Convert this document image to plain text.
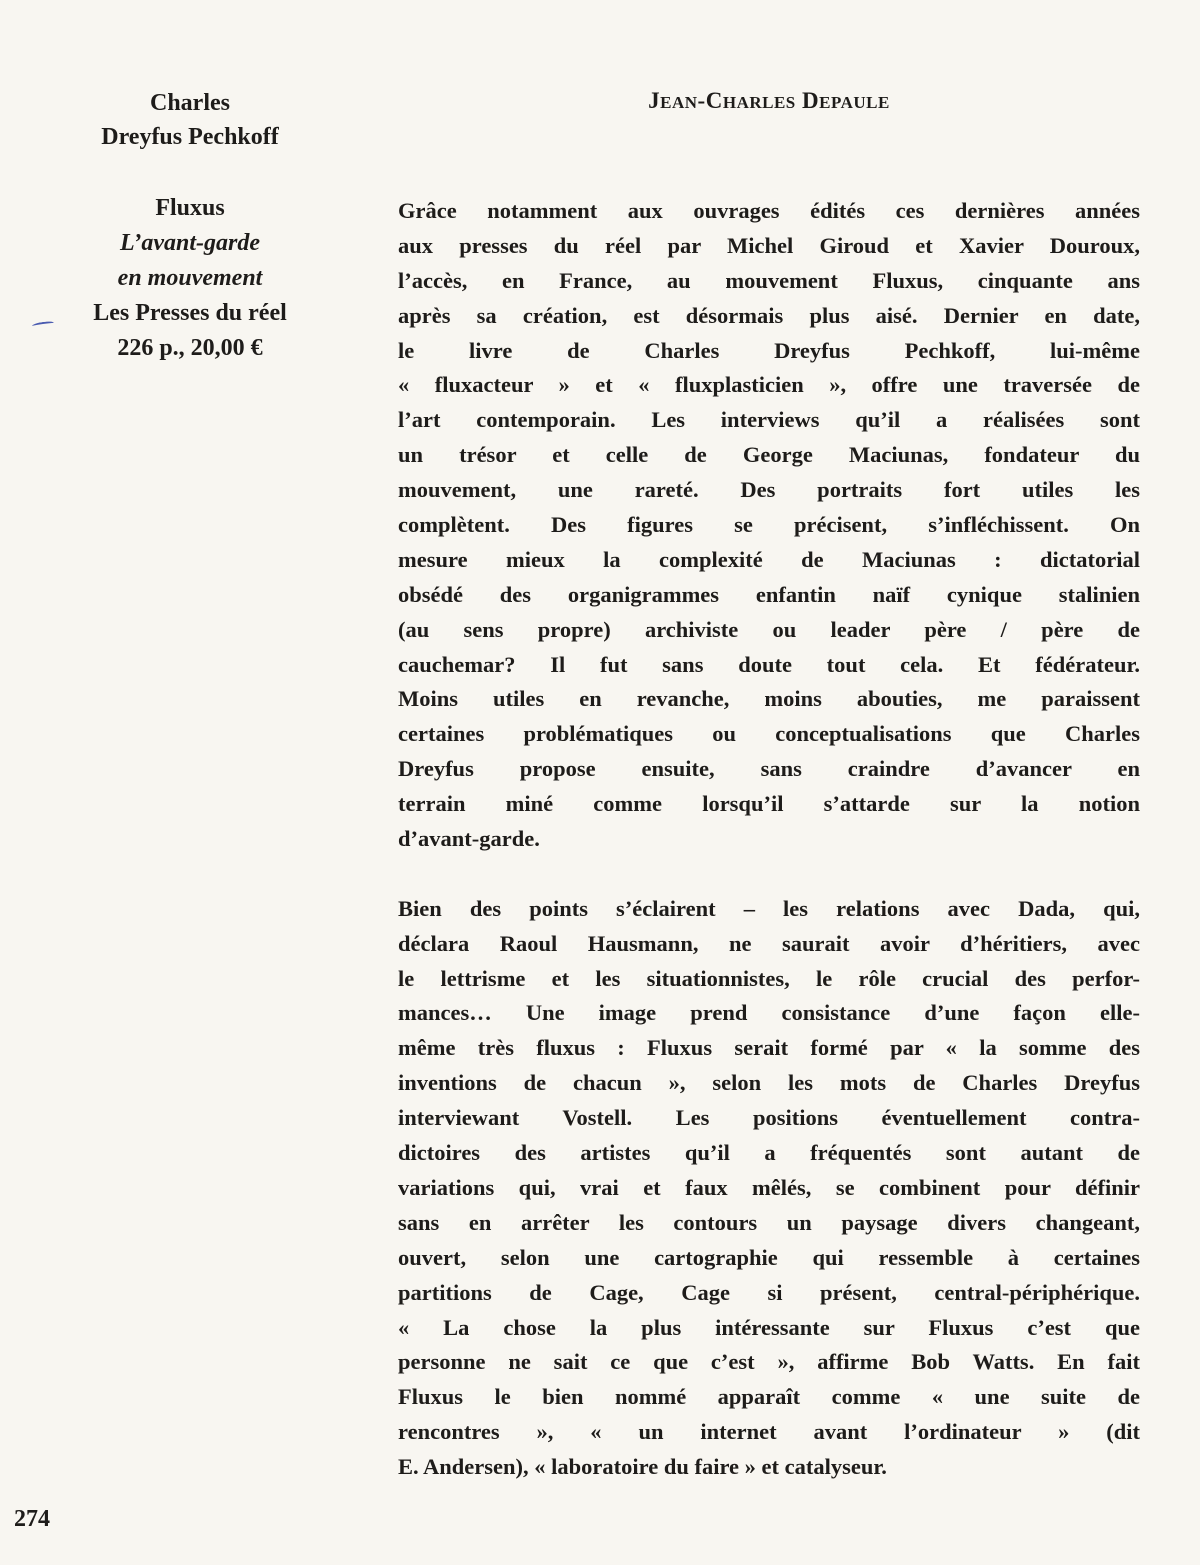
Charles
Dreyfus Pechkoff
Fluxus
L’avant-garde
en mouvement
Les Presses du réel
226 p., 20,00 €
JEAN-CHARLES DEPAULE
Grâce notamment aux ouvrages édités ces dernières années
aux presses du réel par Michel Giroud et Xavier Douroux,
l’accès, en France, au mouvement Fluxus, cinquante ans
après sa création, est désormais plus aisé. Dernier en date,
le livre de Charles Dreyfus Pechkoff, lui-même
« fluxacteur » et « fluxplasticien », offre une traversée de
l’art contemporain. Les interviews qu’il a réalisées sont
un trésor et celle de George Maciunas, fondateur du
mouvement, une rareté. Des portraits fort utiles les
complètent. Des figures se précisent, s’infléchissent. On
mesure mieux la complexité de Maciunas : dictatorial
obsédé des organigrammes enfantin naïf cynique stalinien
(au sens propre) archiviste ou leader père / père de
cauchemar? Il fut sans doute tout cela. Et fédérateur.
Moins utiles en revanche, moins abouties, me paraissent
certaines problématiques ou conceptualisations que Charles
Dreyfus propose ensuite, sans craindre d’avancer en
terrain miné comme lorsqu’il s’attarde sur la notion
d’avant-garde.
Bien des points s’éclairent – les relations avec Dada, qui,
déclara Raoul Hausmann, ne saurait avoir d’héritiers, avec
le lettrisme et les situationnistes, le rôle crucial des perfor-
mances… Une image prend consistance d’une façon elle-
même très fluxus : Fluxus serait formé par « la somme des
inventions de chacun », selon les mots de Charles Dreyfus
interviewant Vostell. Les positions éventuellement contra-
dictoires des artistes qu’il a fréquentés sont autant de
variations qui, vrai et faux mêlés, se combinent pour définir
sans en arrêter les contours un paysage divers changeant,
ouvert, selon une cartographie qui ressemble à certaines
partitions de Cage, Cage si présent, central-périphérique.
« La chose la plus intéressante sur Fluxus c’est que
personne ne sait ce que c’est », affirme Bob Watts. En fait
Fluxus le bien nommé apparaît comme « une suite de
rencontres », « un internet avant l’ordinateur » (dit
E. Andersen), « laboratoire du faire » et catalyseur.
274
